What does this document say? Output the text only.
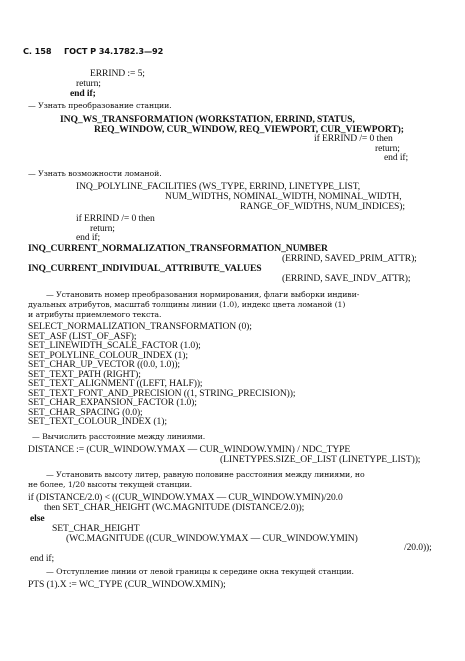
С. 158 ГОСТ Р 34.1782.3—92
ERRIND := 5;
return;
end if;
— Узнать преобразование станции.
INQ_WS_TRANSFORMATION (WORKSTATION, ERRIND, STATUS,
REQ_WINDOW, CUR_WINDOW, REQ_VIEWPORT, CUR_VIEWPORT);
if ERRIND /= 0 then
return;
end if;
— Узнать возможности ломаной.
INQ_POLYLINE_FACILITIES (WS_TYPE, ERRIND, LINETYPE_LIST,
NUM_WIDTHS, NOMINAL_WIDTH, NOMINAL_WIDTH,
RANGE_OF_WIDTHS, NUM_INDICES);
if ERRIND /= 0 then
return;
end if;
INQ_CURRENT_NORMALIZATION_TRANSFORMATION_NUMBER
(ERRIND, SAVED_PRIM_ATTR);
INQ_CURRENT_INDIVIDUAL_ATTRIBUTE_VALUES
(ERRIND, SAVE_INDV_ATTR);
— Установить номер преобразования нормирования, флаги выборки индиви-
дуальных атрибутов, масштаб толщины линии (1.0), индекс цвета ломаной (1)
и атрибуты приемлемого текста.
SELECT_NORMALIZATION_TRANSFORMATION (0);
SET_ASF (LIST_OF_ASF);
SET_LINEWIDTH_SCALE_FACTOR (1.0);
SET_POLYLINE_COLOUR_INDEX (1);
SET_CHAR_UP_VECTOR ((0.0, 1.0));
SET_TEXT_PATH (RIGHT);
SET_TEXT_ALIGNMENT ((LEFT, HALF));
SET_TEXT_FONT_AND_PRECISION ((1, STRING_PRECISION));
SET_CHAR_EXPANSION_FACTOR (1.0);
SET_CHAR_SPACING (0.0);
SET_TEXT_COLOUR_INDEX (1);
— Вычислить расстояние между линиями.
DISTANCE := (CUR_WINDOW.YMAX — CUR_WINDOW.YMIN) / NDC_TYPE
(LINETYPES.SIZE_OF_LIST (LINETYPE_LIST));
— Установить высоту литер, равную половине расстояния между линиями, но
не более, 1/20 высоты текущей станции.
if (DISTANCE/2.0) < ((CUR_WINDOW.YMAX — CUR_WINDOW.YMIN)/20.0
then SET_CHAR_HEIGHT (WC.MAGNITUDE (DISTANCE/2.0));
else
SET_CHAR_HEIGHT
(WC.MAGNITUDE ((CUR_WINDOW.YMAX — CUR_WINDOW.YMIN)
/20.0));
end if;
— Отступление линии от левой границы к середине окна текущей станции.
PTS (1).X := WC_TYPE (CUR_WINDOW.XMIN);
